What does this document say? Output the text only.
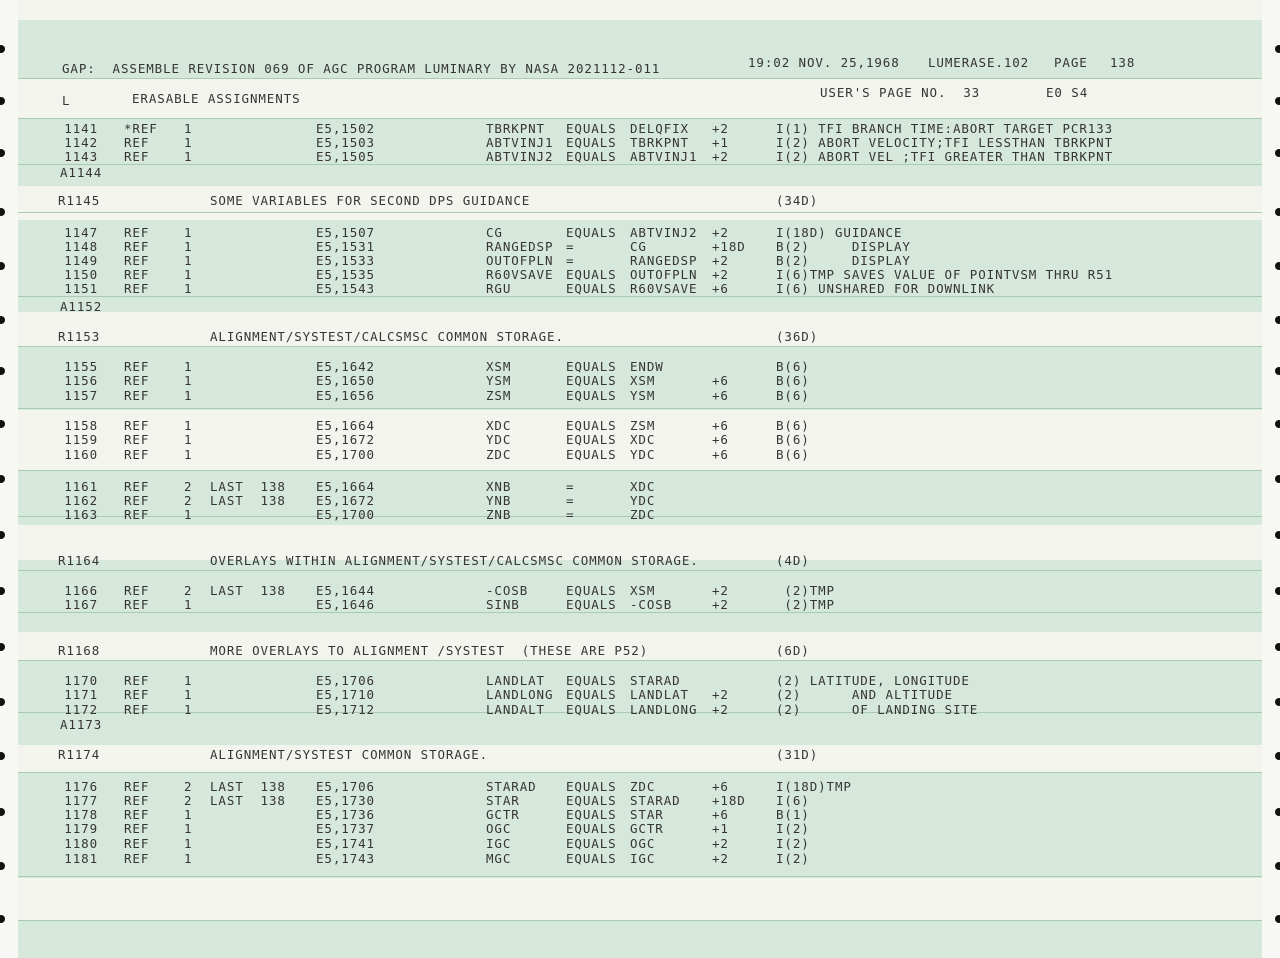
GAP:  ASSEMBLE REVISION 069 OF AGC PROGRAM LUMINARY BY NASA 2021112-011	19:02 NOV. 25,1968 LUMERASE.102 PAGE 138
L	ERASABLE ASSIGNMENTS	USER'S PAGE NO.  33	E0 S4
1141 *REF 1	E5,1502	TBRKPNT EQUALS DELQFIX +2	I(1) TFI BRANCH TIME:ABORT TARGET PCR133
1142 REF	1	E5,1503	ABTVINJ1 EQUALS TBRKPNT +1	I(2) ABORT VELOCITY;TFI LESSTHAN TBRKPNT
1143 REF	1	E5,1505	ABTVINJ2 EQUALS ABTVINJ1 +2	I(2) ABORT VEL ;TFI GREATER THAN TBRKPNT
A1144
R1145	SOME VARIABLES FOR SECOND DPS GUIDANCE	(34D)
1147 REF	1	E5,1507	CG	EQUALS ABTVINJ2 +2	I(18D) GUIDANCE
1148 REF	1	E5,1531	RANGEDSP =	CG	+18D B(2)     DISPLAY
1149 REF	1	E5,1533	OUTOFPLN =	RANGEDSP +2	B(2)     DISPLAY
1150 REF	1	E5,1535	R60VSAVE EQUALS OUTOFPLN +2	I(6)TMP SAVES VALUE OF POINTVSM THRU R51
1151 REF	1	E5,1543	RGU	EQUALS R60VSAVE +6	I(6) UNSHARED FOR DOWNLINK
A1152
R1153	ALIGNMENT/SYSTEST/CALCSMSC COMMON STORAGE.	(36D)
1155 REF	1	E5,1642	XSM	EQUALS ENDW	B(6)
1156 REF	1	E5,1650	YSM	EQUALS XSM	+6	B(6)
1157 REF	1	E5,1656	ZSM	EQUALS YSM	+6	B(6)
1158 REF	1	E5,1664	XDC	EQUALS ZSM	+6	B(6)
1159 REF	1	E5,1672	YDC	EQUALS XDC	+6	B(6)
1160 REF	1	E5,1700	ZDC	EQUALS YDC	+6	B(6)
1161 REF	2 LAST  138 E5,1664	XNB	=	XDC
1162 REF	2 LAST  138 E5,1672	YNB	=	YDC
1163 REF	1	E5,1700	ZNB	=	ZDC
R1164	OVERLAYS WITHIN ALIGNMENT/SYSTEST/CALCSMSC COMMON STORAGE.	(4D)
1166 REF	2 LAST  138 E5,1644	-COSB	EQUALS XSM	+2	(2)TMP
1167 REF	1	E5,1646	SINB	EQUALS -COSB	+2	(2)TMP
R1168	MORE OVERLAYS TO ALIGNMENT /SYSTEST  (THESE ARE P52)	(6D)
1170 REF	1	E5,1706	LANDLAT EQUALS STARAD	(2) LATITUDE, LONGITUDE
1171 REF	1	E5,1710	LANDLONG EQUALS LANDLAT +2	(2)      AND ALTITUDE
1172 REF	1	E5,1712	LANDALT EQUALS LANDLONG +2	(2)      OF LANDING SITE
A1173
R1174	ALIGNMENT/SYSTEST COMMON STORAGE.	(31D)
1176 REF	2 LAST  138 E5,1706	STARAD EQUALS ZDC	+6	I(18D)TMP
1177 REF	2 LAST  138 E5,1730	STAR	EQUALS STARAD	+18D I(6)
1178 REF	1	E5,1736	GCTR	EQUALS STAR	+6	B(1)
1179 REF	1	E5,1737	OGC	EQUALS GCTR	+1	I(2)
1180 REF	1	E5,1741	IGC	EQUALS OGC	+2	I(2)
1181 REF	1	E5,1743	MGC	EQUALS IGC	+2	I(2)
